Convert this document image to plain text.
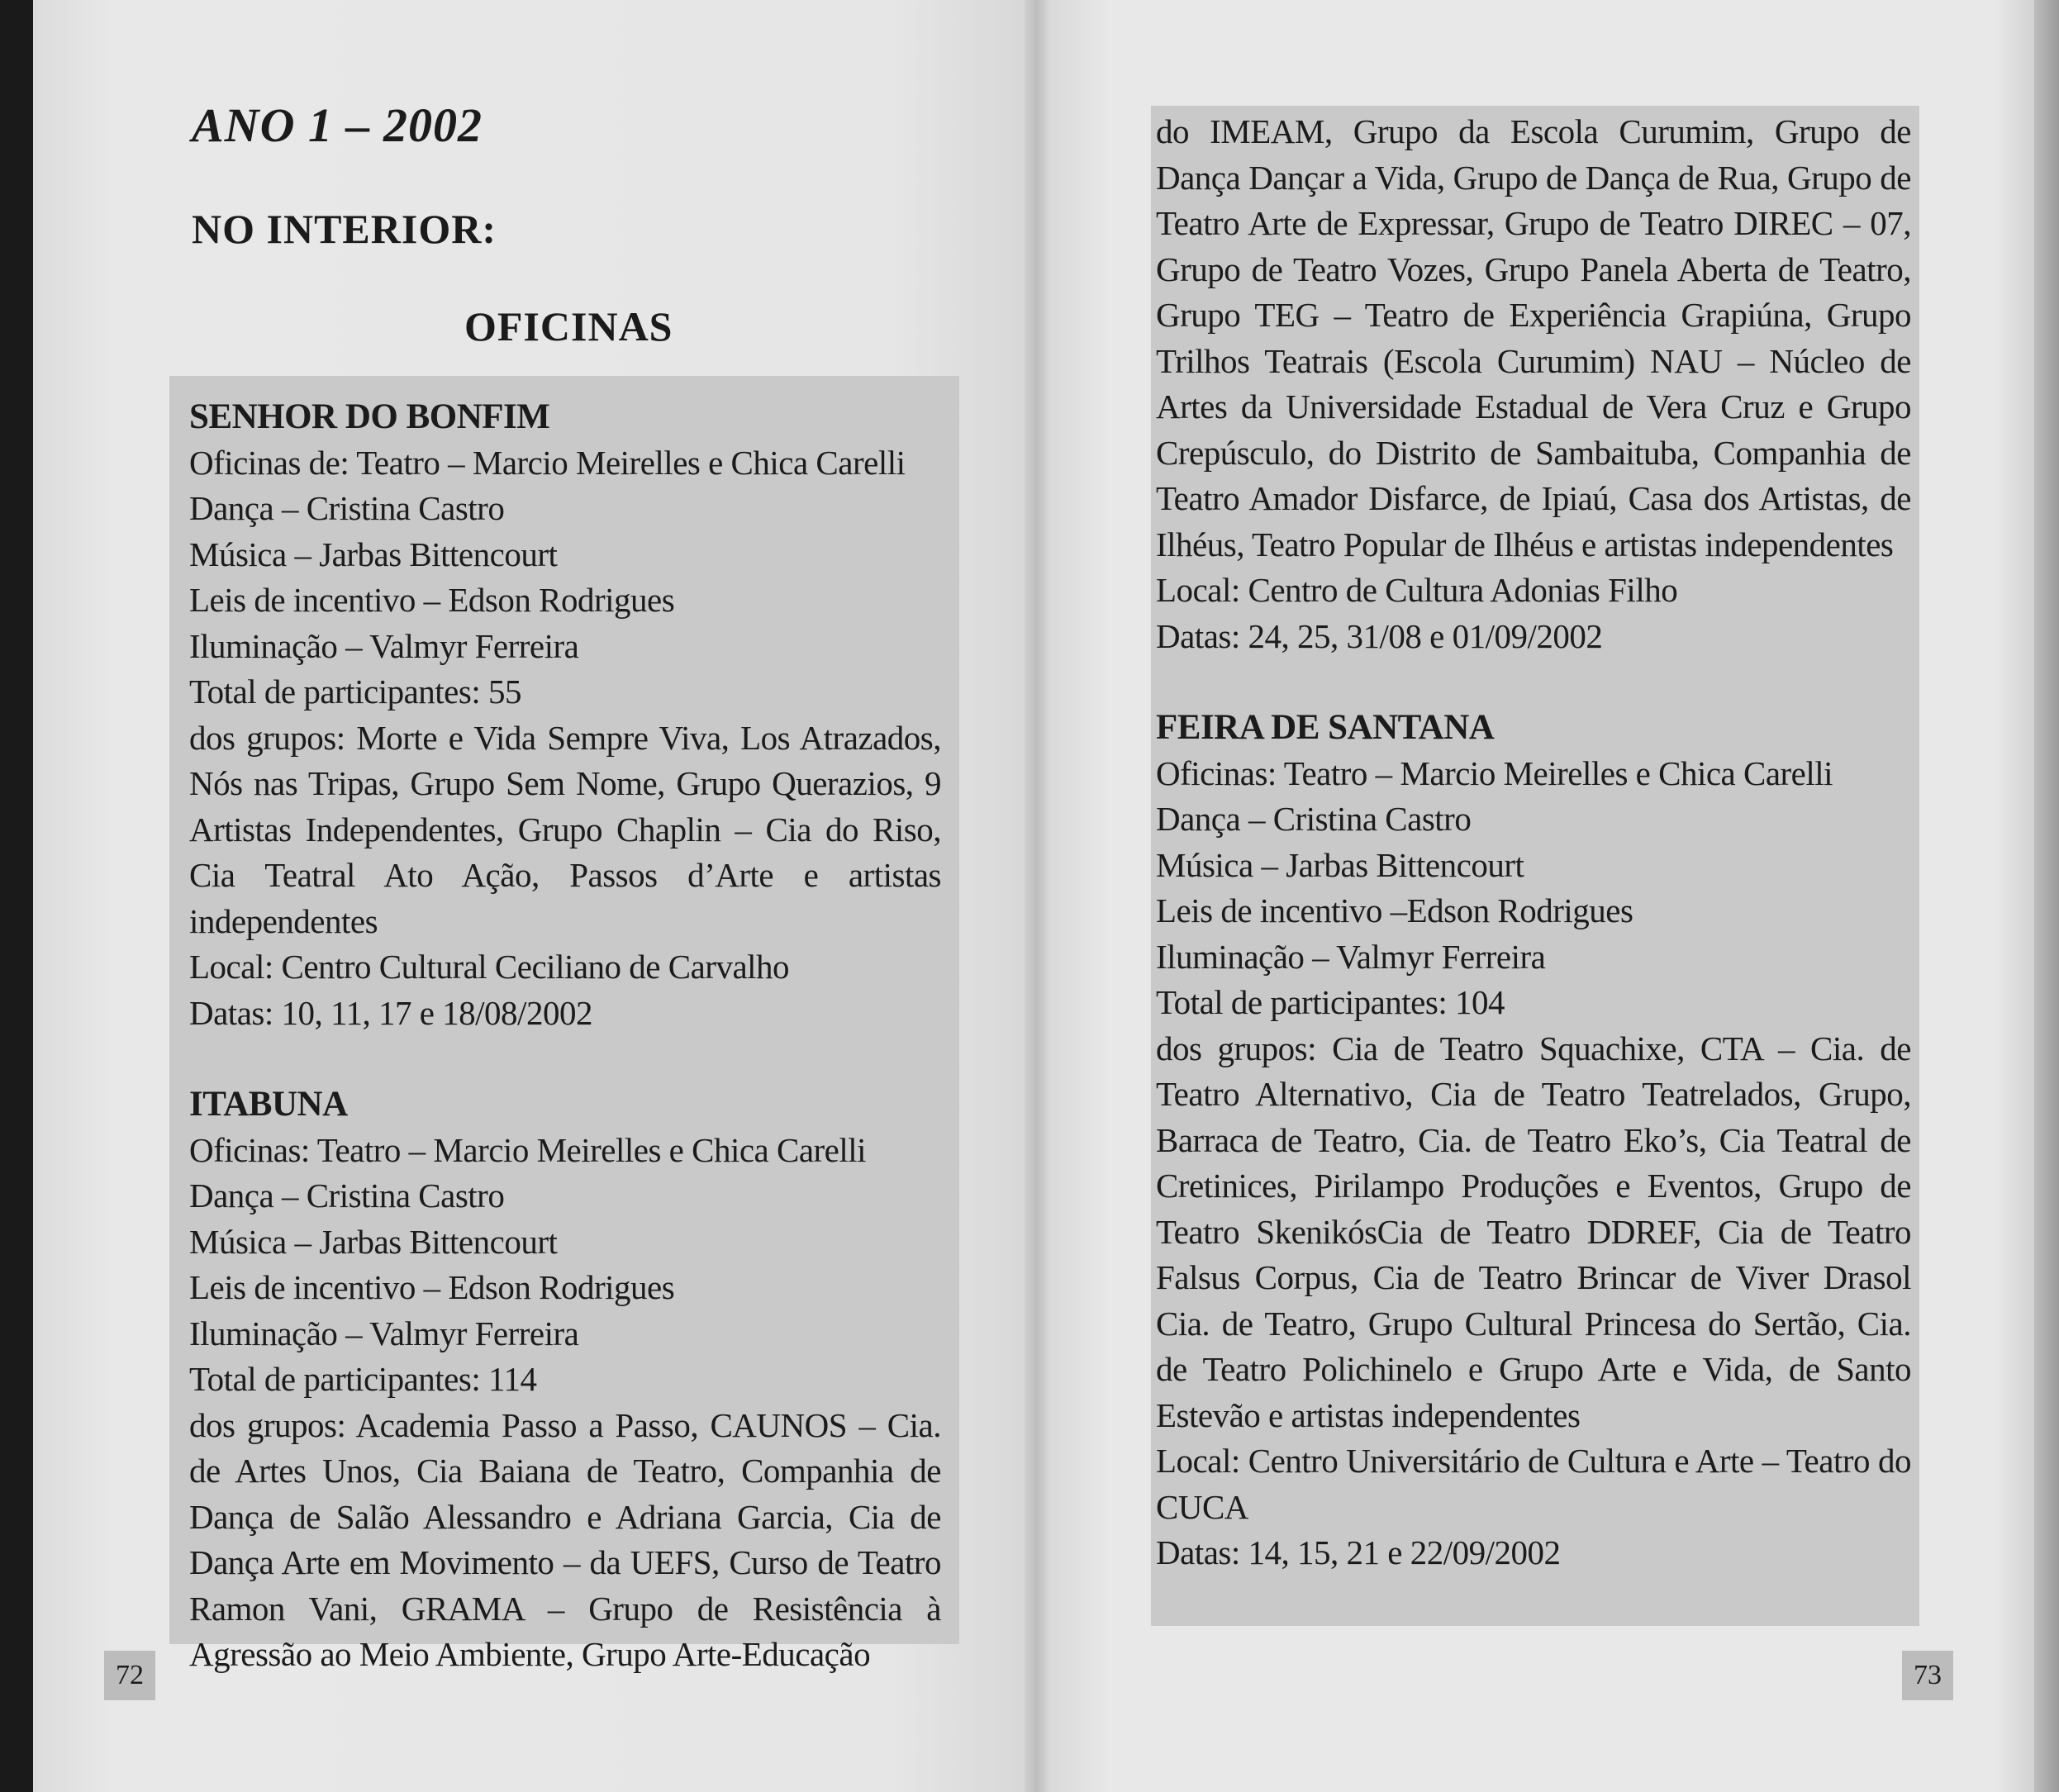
ANO 1 – 2002
NO INTERIOR:
OFICINAS

SENHOR DO BONFIM

Oficinas de: Teatro – Marcio Meirelles e Chica Carelli

Dança – Cristina Castro

Música – Jarbas Bittencourt

Leis de incentivo – Edson Rodrigues

Iluminação – Valmyr Ferreira

Total de participantes: 55

dos grupos: Morte e Vida Sempre Viva, Los Atrazados, Nós nas Tripas, Grupo Sem Nome, Grupo Querazios, 9 Artistas Independentes, Grupo Chaplin – Cia do Riso, Cia Teatral Ato Ação, Passos d’Arte e artistas independentes

Local: Centro Cultural Ceciliano de Carvalho

Datas: 10, 11, 17 e 18/08/2002

ITABUNA

Oficinas: Teatro – Marcio Meirelles e Chica Carelli

Dança – Cristina Castro

Música – Jarbas Bittencourt

Leis de incentivo – Edson Rodrigues

Iluminação – Valmyr Ferreira

Total de participantes: 114

dos grupos: Academia Passo a Passo, CAUNOS – Cia. de Artes Unos, Cia Baiana de Teatro, Companhia de Dança de Salão Alessandro e Adriana Garcia, Cia de Dança Arte em Movimento – da UEFS, Curso de Teatro Ramon Vani, GRAMA – Grupo de Resistência à Agressão ao Meio Ambiente, Grupo Arte-Educação

72

do IMEAM, Grupo da Escola Curumim, Grupo de Dança Dançar a Vida, Grupo de Dança de Rua, Grupo de Teatro Arte de Expressar, Grupo de Teatro DIREC – 07, Grupo de Teatro Vozes, Grupo Panela Aberta de Teatro, Grupo TEG – Teatro de Experiência Grapiúna, Grupo Trilhos Teatrais (Escola Curumim) NAU – Núcleo de Artes da Universidade Estadual de Vera Cruz e Grupo Crepúsculo, do Distrito de Sambaituba, Companhia de Teatro Amador Disfarce, de Ipiaú, Casa dos Artistas, de Ilhéus, Teatro Popular de Ilhéus e artistas independentes

Local: Centro de Cultura Adonias Filho

Datas: 24, 25, 31/08 e 01/09/2002

FEIRA DE SANTANA

Oficinas: Teatro – Marcio Meirelles e Chica Carelli

Dança – Cristina Castro

Música – Jarbas Bittencourt

Leis de incentivo –Edson Rodrigues

Iluminação – Valmyr Ferreira

Total de participantes: 104

dos grupos: Cia de Teatro Squachixe, CTA – Cia. de Teatro Alternativo, Cia de Teatro Teatrelados, Grupo, Barraca de Teatro, Cia. de Teatro Eko’s, Cia Teatral de Cretinices, Pirilampo Produções e Eventos, Grupo de Teatro SkenikósCia de Teatro DDREF, Cia de Teatro Falsus Corpus, Cia de Teatro Brincar de Viver Drasol Cia. de Teatro, Grupo Cultural Princesa do Sertão, Cia. de Teatro Polichinelo e Grupo Arte e Vida, de Santo Estevão e artistas independentes

Local: Centro Universitário de Cultura e Arte – Teatro do CUCA

Datas: 14, 15, 21 e 22/09/2002

73
